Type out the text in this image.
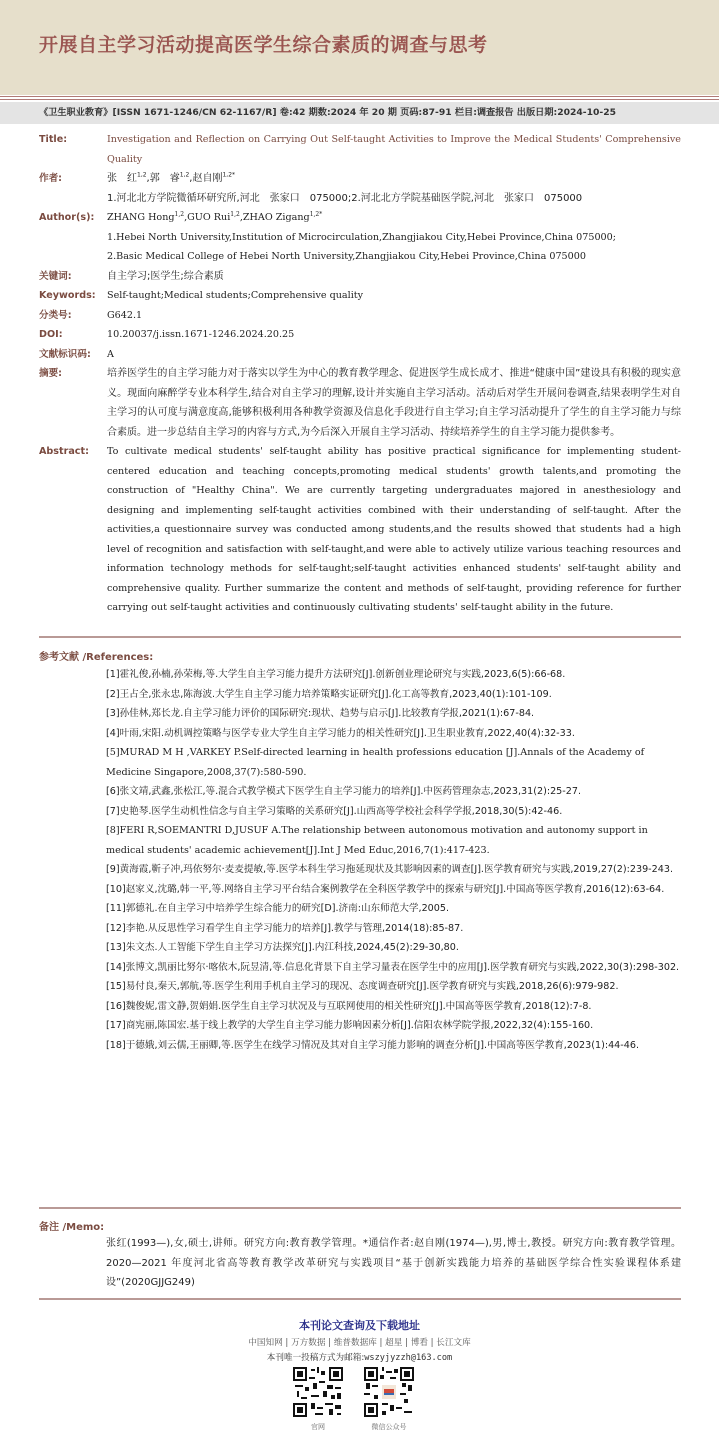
开展自主学习活动提高医学生综合素质的调查与思考
《卫生职业教育》[ISSN 1671-1246/CN 62-1167/R] 卷:42 期数:2024 年 20 期 页码:87-91 栏目:调查报告 出版日期:2024-10-25
Title:	Investigation and Reflection on Carrying Out Self-taught Activities to Improve the Medical Students' Comprehensive Quality
作者:	张　红$^{1,2}$,郭　睿$^{1,2}$,赵自刚$^{1,2*}$

1.河北北方学院微循环研究所,河北　张家口　075000;2.河北北方学院基础医学院,河北　张家口　075000

Author(s):	ZHANG Hong$^{1,2}$,GUO Rui$^{1,2}$,ZHAO Zigang$^{1,2*}$

1.Hebei North University,Institution of Microcirculation,Zhangjiakou City,Hebei Province,China 075000;

2.Basic Medical College of Hebei North University,Zhangjiakou City,Hebei Province,China 075000

关键词:	自主学习;医学生;综合素质
Keywords:	Self-taught;Medical students;Comprehensive quality
分类号:	G642.1
DOI:	10.20037/j.issn.1671-1246.2024.20.25
文献标识码:	A
摘要:	培养医学生的自主学习能力对于落实以学生为中心的教育教学理念、促进医学生成长成才、推进“健康中国”建设具有积极的现实意义。现面向麻醉学专业本科学生,结合对自主学习的理解,设计并实施自主学习活动。活动后对学生开展问卷调查,结果表明学生对自主学习的认可度与满意度高,能够积极利用各种教学资源及信息化手段进行自主学习;自主学习活动提升了学生的自主学习能力与综合素质。进一步总结自主学习的内容与方式,为今后深入开展自主学习活动、持续培养学生的自主学习能力提供参考。
Abstract:	To cultivate medical students' self-taught ability has positive practical significance for implementing student-centered education and teaching concepts,promoting medical students' growth talents,and promoting the construction of "Healthy China". We are currently targeting undergraduates majored in anesthesiology and designing and implementing self-taught activities combined with their understanding of self-taught. After the activities,a questionnaire survey was conducted among students,and the results showed that students had a high level of recognition and satisfaction with self-taught,and were able to actively utilize various teaching resources and information technology methods for self-taught;self-taught activities enhanced students' self-taught ability and comprehensive quality. Further summarize the content and methods of self-taught, providing reference for further carrying out self-taught activities and continuously cultivating students' self-taught ability in the future.
参考文献 /References:

[1]霍礼俊,孙楠,孙荣梅,等.大学生自主学习能力提升方法研究[J].创新创业理论研究与实践,2023,6(5):66-68.

[2]王占全,张永忠,陈海波.大学生自主学习能力培养策略实证研究[J].化工高等教育,2023,40(1):101-109.

[3]孙佳林,郑长龙.自主学习能力评价的国际研究:现状、趋势与启示[J].比较教育学报,2021(1):67-84.

[4]叶雨,宋阳.动机调控策略与医学专业大学生自主学习能力的相关性研究[J].卫生职业教育,2022,40(4):32-33.

[5]MURAD M H ,VARKEY P.Self-directed learning in health professions education [J].Annals of the Academy of Medicine Singapore,2008,37(7):580-590.

[6]张文靖,武鑫,张松江,等.混合式教学模式下医学生自主学习能力的培养[J].中医药管理杂志,2023,31(2):25-27.

[7]史艳琴.医学生动机性信念与自主学习策略的关系研究[J].山西高等学校社会科学学报,2018,30(5):42-46.

[8]FERI R,SOEMANTRI D,JUSUF A.The relationship between autonomous motivation and autonomy support in medical students' academic achievement[J].Int J Med Educ,2016,7(1):417-423.

[9]黄海霞,靳子冲,玛依努尔·麦麦提敏,等.医学本科生学习拖延现状及其影响因素的调查[J].医学教育研究与实践,2019,27(2):239-243.

[10]赵家义,沈璐,韩一平,等.网络自主学习平台结合案例教学在全科医学教学中的探索与研究[J].中国高等医学教育,2016(12):63-64.

[11]郭德礼.在自主学习中培养学生综合能力的研究[D].济南:山东师范大学,2005.

[12]李艳.从反思性学习看学生自主学习能力的培养[J].教学与管理,2014(18):85-87.

[13]朱文杰.人工智能下学生自主学习方法探究[J].内江科技,2024,45(2):29-30,80.

[14]张博文,凯丽比努尔·喀依木,阮昱清,等.信息化背景下自主学习量表在医学生中的应用[J].医学教育研究与实践,2022,30(3):298-302.

[15]易付良,秦天,郭航,等.医学生利用手机自主学习的现况、态度调查研究[J].医学教育研究与实践,2018,26(6):979-982.

[16]魏俊妮,雷文静,贺娟娟.医学生自主学习状况及与互联网使用的相关性研究[J].中国高等医学教育,2018(12):7-8.

[17]商宪丽,陈国宏.基于线上教学的大学生自主学习能力影响因素分析[J].信阳农林学院学报,2022,32(4):155-160.

[18]于德娥,刘云儒,王丽卿,等.医学生在线学习情况及其对自主学习能力影响的调查分析[J].中国高等医学教育,2023(1):44-46.

备注 /Memo:
张红(1993—),女,硕士,讲师。研究方向:教育教学管理。*通信作者:赵自刚(1974—),男,博士,教授。研究方向:教育教学管理。2020—2021 年度河北省高等教育教学改革研究与实践项目“基于创新实践能力培养的基础医学综合性实验课程体系建设”(2020GJJG249)
本刊论文查询及下载地址
中国知网 | 万方数据 | 维普数据库 | 超星 | 博看 | 长江文库
本刊唯一投稿方式为邮箱:wszyjyzzh@163.com
官网	微信公众号
